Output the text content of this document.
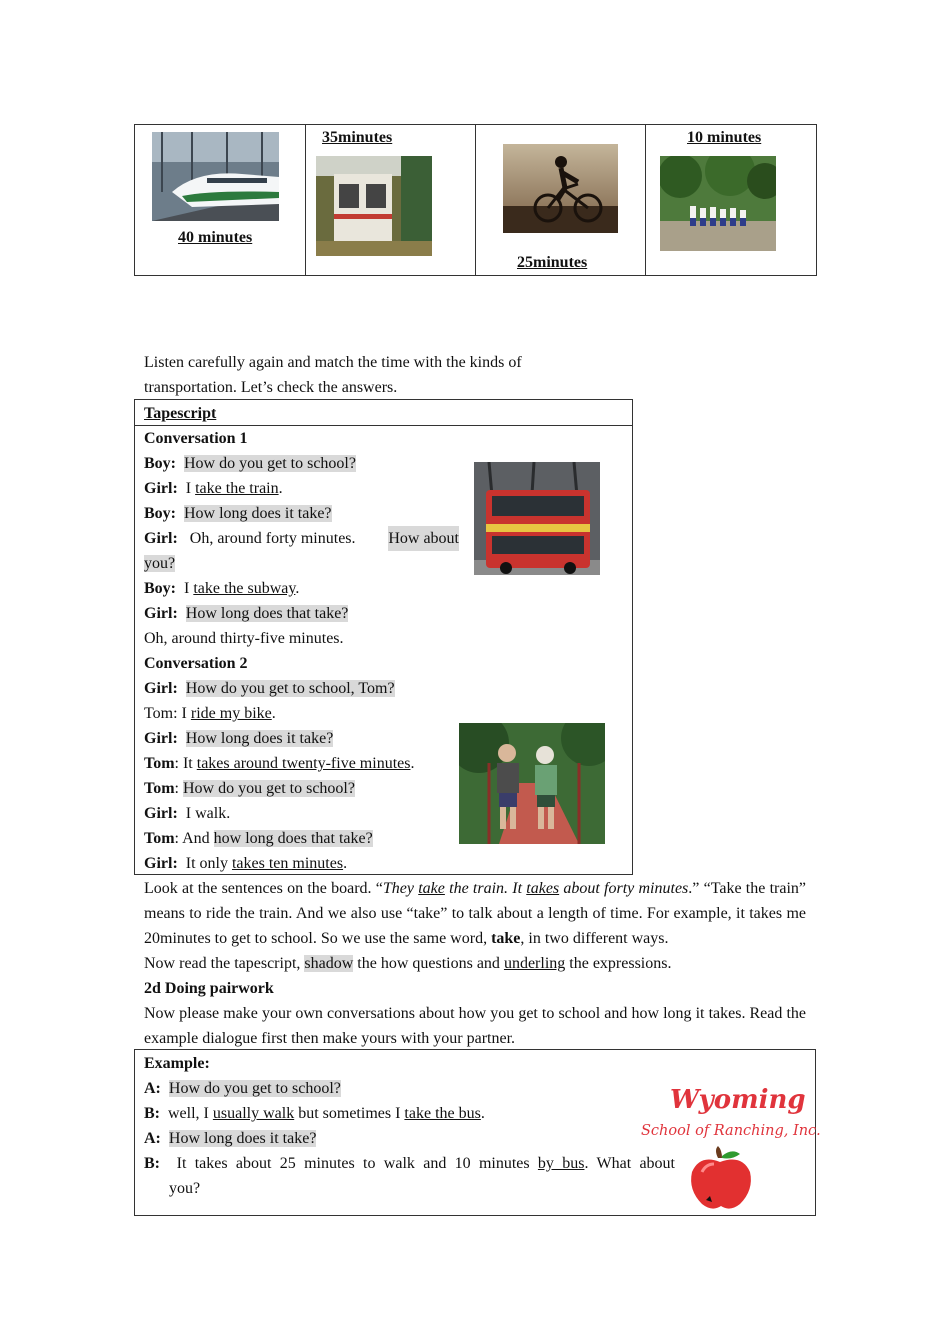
40 minutes
35minutes
25minutes
10 minutes
Listen carefully again and match the time with the kinds of
transportation. Let’s check the answers.
Tapescript
Conversation 1
Boy: How do you get to school?
Girl: I take the train.
Boy: How long does it take?
Girl: Oh, around forty minutes. How about
you?
Boy: I take the subway.
Girl: How long does that take?
Oh, around thirty-five minutes.
Conversation 2
Girl: How do you get to school, Tom?
Tom: I ride my bike.
Girl: How long does it take?
Tom: It takes around twenty-five minutes.
Tom: How do you get to school?
Girl: I walk.
Tom: And how long does that take?
Girl: It only takes ten minutes.
Look at the sentences on the board. “They take the train. It takes about forty minutes.” “Take the train” means to ride the train. And we also use “take” to talk about a length of time. For example, it takes me 20minutes to get to school. So we use the same word, take, in two different ways.
Now read the tapescript, shadow the how questions and underling the expressions.
2d Doing pairwork
Now please make your own conversations about how you get to school and how long it takes. Read the example dialogue first then make yours with your partner.
Example:
A: How do you get to school?
B: well, I usually walk but sometimes I take the bus.
A: How long does it take?
B: It takes about 25 minutes to walk and 10 minutes by bus. What about
you?
Wyoming
School of Ranching, Inc.
